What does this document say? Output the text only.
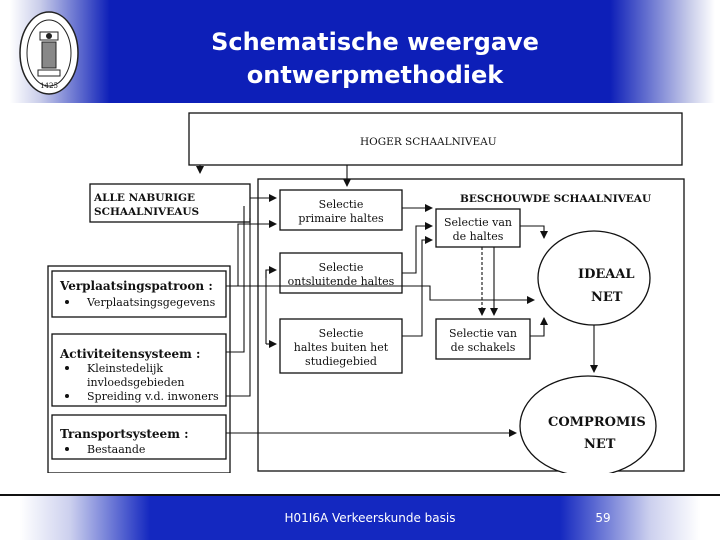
1425
Schematische weergave
ontwerpmethodiek
HOGER SCHAALNIVEAU
ALLE NABURIGE
SCHAALNIVEAUS
Verplaatsingspatroon :
Verplaatsingsgegevens
Activiteitensysteem :
Kleinstedelijk
invloedsgebieden
Spreiding v.d. inwoners
Transportsysteem :
Bestaande
BESCHOUWDE SCHAALNIVEAU
Selectie
primaire haltes
Selectie
ontsluitende haltes
Selectie
haltes buiten het
studiegebied
Selectie van
de haltes
Selectie van
de schakels
IDEAAL
NET
COMPROMIS
NET
H01I6A Verkeerskunde basis	59
